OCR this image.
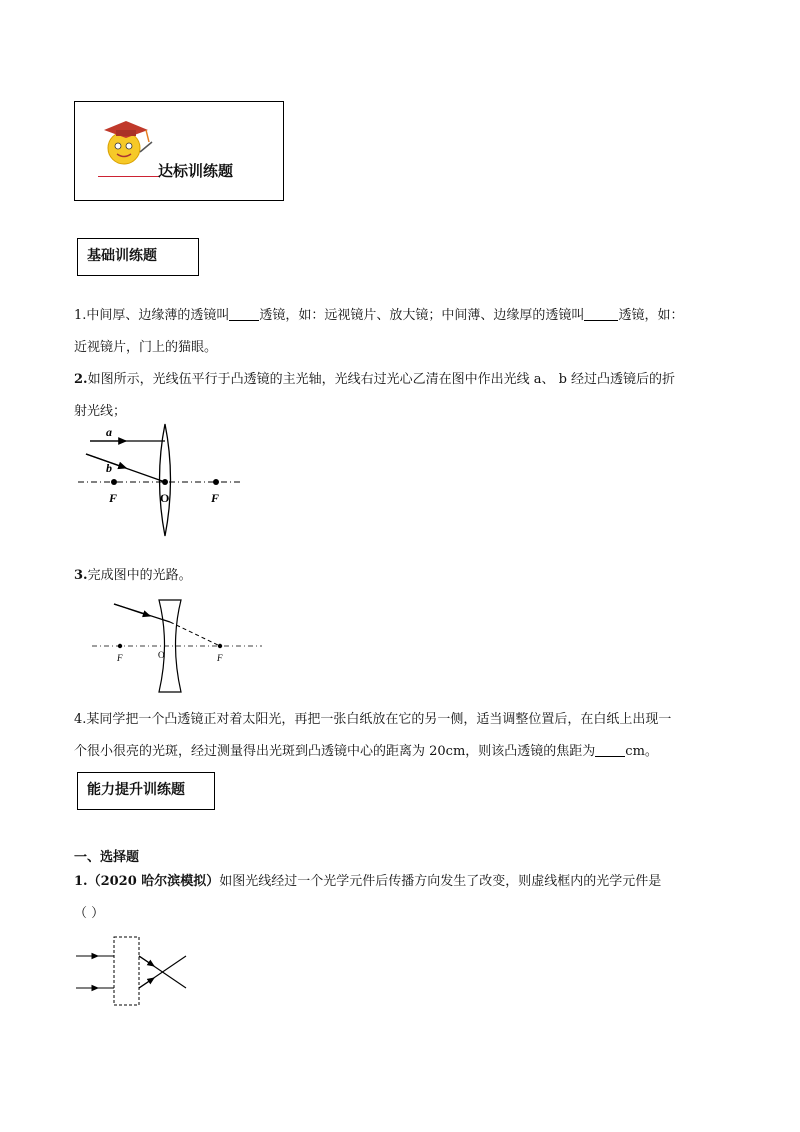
达标训练题
基础训练题
1.中间厚、边缘薄的透镜叫 透镜，如：远视镜片、放大镜；中间薄、边缘厚的透镜叫	透镜，如：
近视镜片，门上的猫眼。
2.如图所示，光线伍平行于凸透镜的主光轴，光线右过光心乙清在图中作出光线 a、 b 经过凸透镜后的折
射光线；
a
b
F	O	F
3.完成图中的光路。
F	O	F
4.某同学把一个凸透镜正对着太阳光，再把一张白纸放在它的另一侧，适当调整位置后，在白纸上出现一
个很小很亮的光斑，经过测量得出光斑到凸透镜中心的距离为 20cm，则该凸透镜的焦距为 cm。
能力提升训练题
一、选择题
1.（2020 哈尔滨模拟）如图光线经过一个光学元件后传播方向发生了改变，则虚线框内的光学元件是
（ ）
